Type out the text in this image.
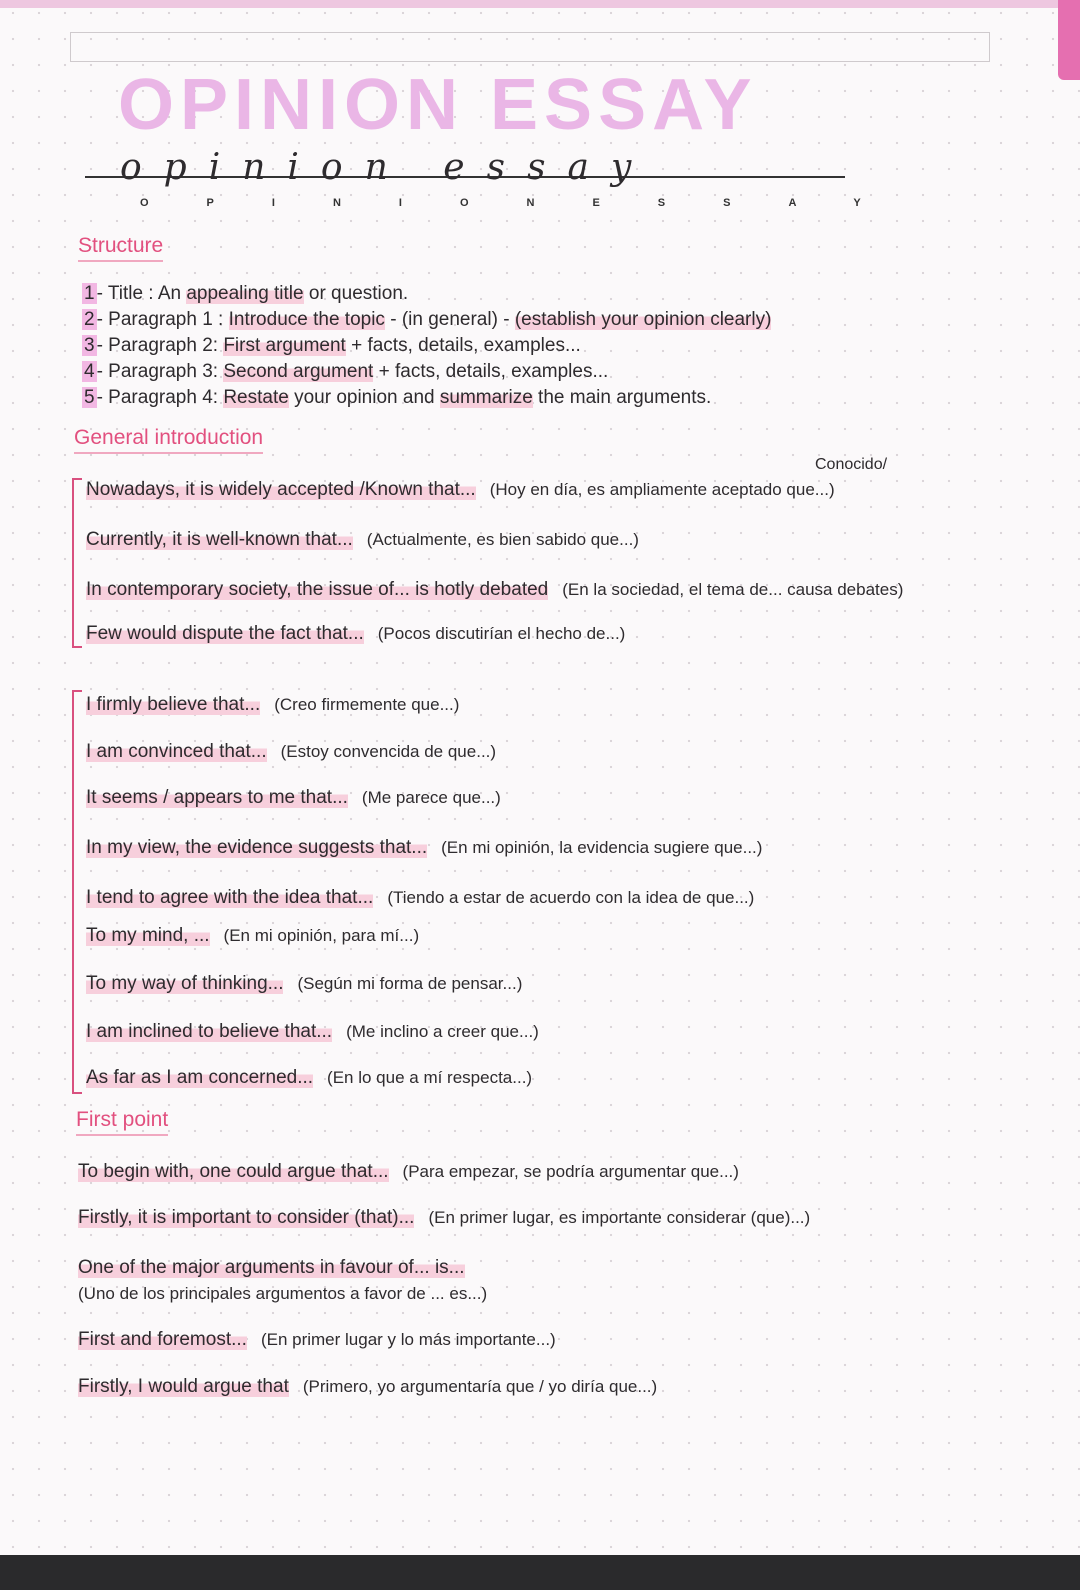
OPINION ESSAY
opinion essay
OPINIONESSAY
Structure
1 - Title : An appealing title or question.
2 - Paragraph 1 : Introduce the topic - (in general) - (establish your opinion clearly)
3 - Paragraph 2: First argument + facts, details, examples...
4 - Paragraph 3: Second argument + facts, details, examples...
5 - Paragraph 4: Restate your opinion and summarize the main arguments.
General introduction
Conocido/
Nowadays, it is widely accepted /Known that... (Hoy en día, es ampliamente aceptado que...)
Currently, it is well-known that... (Actualmente, es bien sabido que...)
In contemporary society, the issue of... is hotly debated (En la sociedad, el tema de... causa debates)
Few would dispute the fact that... (Pocos discutirían el hecho de...)
I firmly believe that... (Creo firmemente que...)
I am convinced that... (Estoy convencida de que...)
It seems / appears to me that... (Me parece que...)
In my view, the evidence suggests that... (En mi opinión, la evidencia sugiere que...)
I tend to agree with the idea that... (Tiendo a estar de acuerdo con la idea de que...)
To my mind, ... (En mi opinión, para mí...)
To my way of thinking... (Según mi forma de pensar...)
I am inclined to believe that... (Me inclino a creer que...)
As far as I am concerned... (En lo que a mí respecta...)
First point
To begin with, one could argue that... (Para empezar, se podría argumentar que...)
Firstly, it is important to consider (that)... (En primer lugar, es importante considerar (que)...)
One of the major arguments in favour of... is...
(Uno de los principales argumentos a favor de ... es...)
First and foremost... (En primer lugar y lo más importante...)
Firstly, I would argue that (Primero, yo argumentaría que / yo diría que...)
